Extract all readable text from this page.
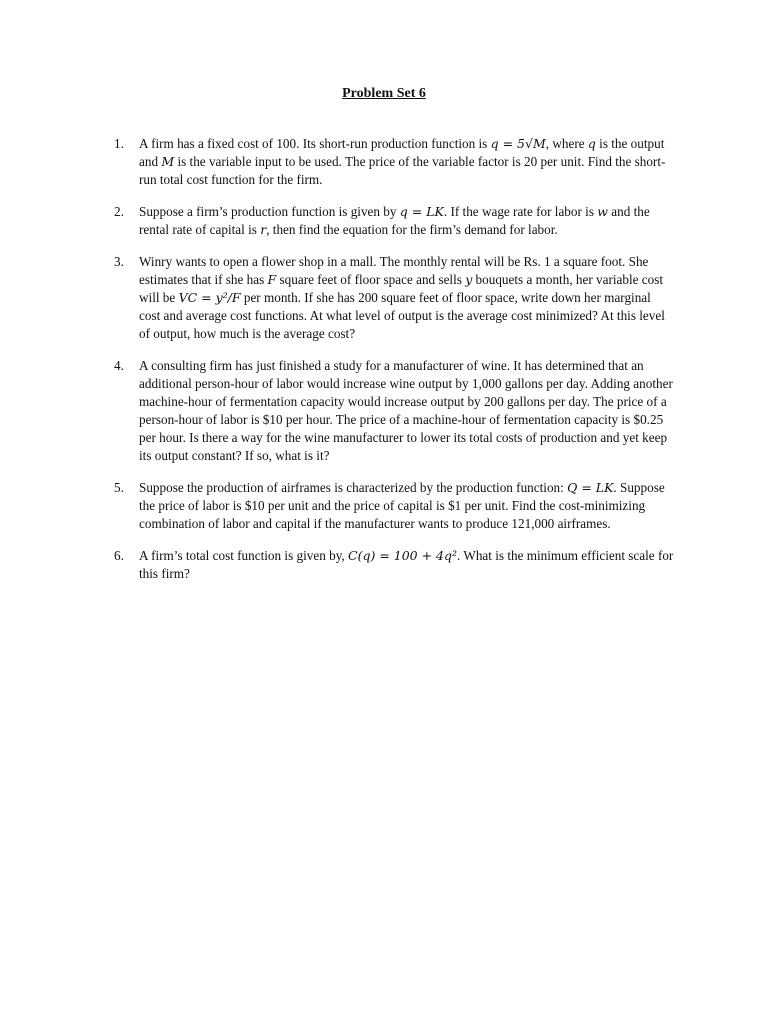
Problem Set 6
1. A firm has a fixed cost of 100. Its short-run production function is q = 5√M, where q is the output and M is the variable input to be used. The price of the variable factor is 20 per unit. Find the short-run total cost function for the firm.
2. Suppose a firm’s production function is given by q = LK. If the wage rate for labor is w and the rental rate of capital is r, then find the equation for the firm’s demand for labor.
3. Winry wants to open a flower shop in a mall. The monthly rental will be Rs. 1 a square foot. She estimates that if she has F square feet of floor space and sells y bouquets a month, her variable cost will be VC = y²/F per month. If she has 200 square feet of floor space, write down her marginal cost and average cost functions. At what level of output is the average cost minimized? At this level of output, how much is the average cost?
4. A consulting firm has just finished a study for a manufacturer of wine. It has determined that an additional person-hour of labor would increase wine output by 1,000 gallons per day. Adding another machine-hour of fermentation capacity would increase output by 200 gallons per day. The price of a person-hour of labor is $10 per hour. The price of a machine-hour of fermentation capacity is $0.25 per hour. Is there a way for the wine manufacturer to lower its total costs of production and yet keep its output constant? If so, what is it?
5. Suppose the production of airframes is characterized by the production function: Q = LK. Suppose the price of labor is $10 per unit and the price of capital is $1 per unit. Find the cost-minimizing combination of labor and capital if the manufacturer wants to produce 121,000 airframes.
6. A firm’s total cost function is given by, C(q) = 100 + 4q². What is the minimum efficient scale for this firm?
